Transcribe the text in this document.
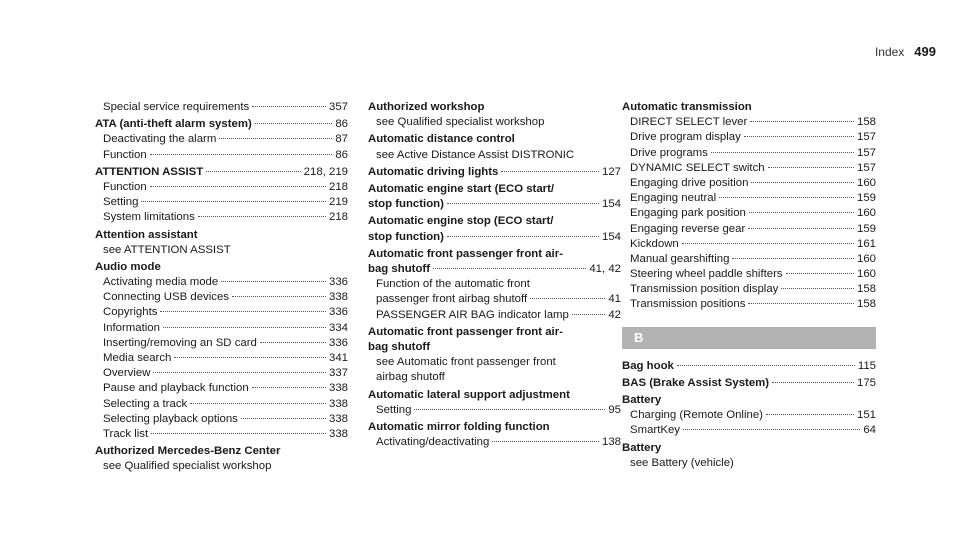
Index 499
Special service requirements	357
ATA (anti-theft alarm system)	86
Deactivating the alarm	87
Function	86
ATTENTION ASSIST	218, 219
Function	218
Setting	219
System limitations	218
Attention assistant
see ATTENTION ASSIST
Audio mode
Activating media mode	336
Connecting USB devices	338
Copyrights	336
Information	334
Inserting/removing an SD card	336
Media search	341
Overview	337
Pause and playback function	338
Selecting a track	338
Selecting playback options	338
Track list	338
Authorized Mercedes-Benz Center
see Qualified specialist workshop
Authorized workshop
see Qualified specialist workshop
Automatic distance control
see Active Distance Assist DISTRONIC
Automatic driving lights	127
Automatic engine start (ECO start/
stop function)	154
Automatic engine stop (ECO start/
stop function)	154
Automatic front passenger front air-
bag shutoff	41, 42
Function of the automatic front
passenger front airbag shutoff	41
PASSENGER AIR BAG indicator lamp	42
Automatic front passenger front air-
bag shutoff
see Automatic front passenger front
airbag shutoff
Automatic lateral support adjustment
Setting	95
Automatic mirror folding function
Activating/deactivating	138
Automatic transmission
DIRECT SELECT lever	158
Drive program display	157
Drive programs	157
DYNAMIC SELECT switch	157
Engaging drive position	160
Engaging neutral	159
Engaging park position	160
Engaging reverse gear	159
Kickdown	161
Manual gearshifting	160
Steering wheel paddle shifters	160
Transmission position display	158
Transmission positions	158
B
Bag hook	115
BAS (Brake Assist System)	175
Battery
Charging (Remote Online)	151
SmartKey	64
Battery
see Battery (vehicle)
